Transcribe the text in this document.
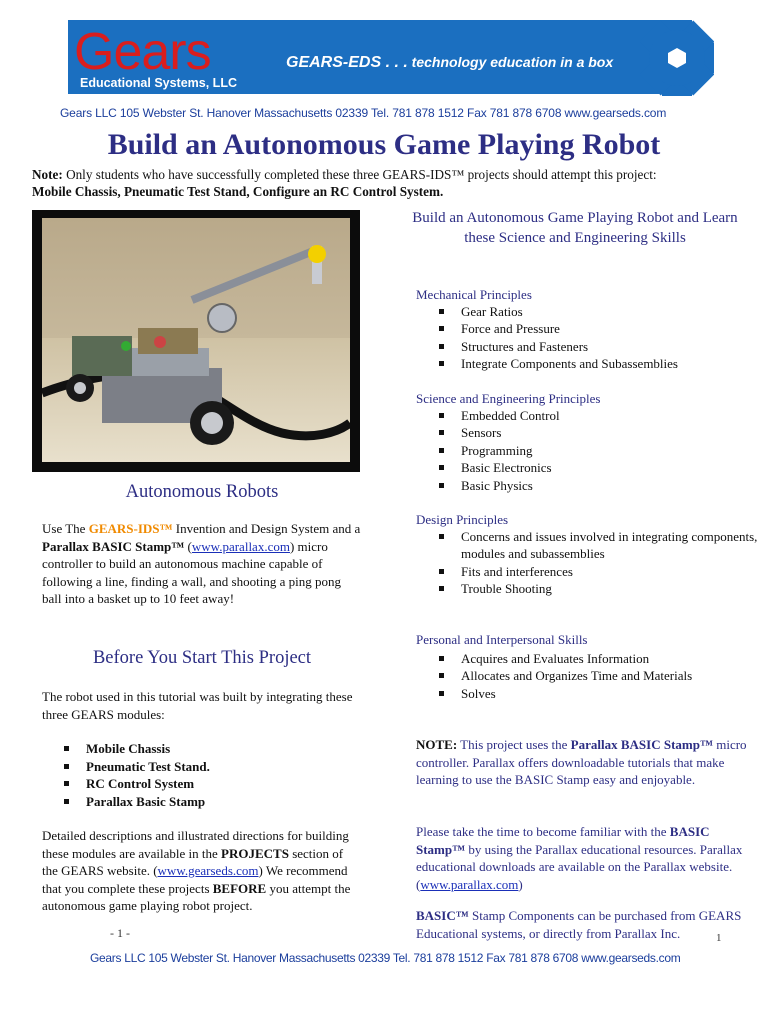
Gears
Educational Systems, LLC
GEARS-EDS . . . technology education in a box
Gears LLC 105 Webster St. Hanover Massachusetts 02339 Tel. 781 878 1512 Fax 781 878 6708 www.gearseds.com
Build an Autonomous Game Playing Robot
Note: Only students who have successfully completed these three GEARS-IDS™ projects should attempt this project:
Mobile Chassis, Pneumatic Test Stand, Configure an RC Control System.
Autonomous Robots
Use The GEARS-IDS™ Invention and Design System and a Parallax BASIC Stamp™ (www.parallax.com) micro controller to build an autonomous machine capable of following a line, finding a wall, and shooting a ping pong ball into a basket up to 10 feet away!
Before You Start This Project
The robot used in this tutorial was built by integrating these three GEARS modules:
Mobile Chassis
Pneumatic Test Stand.
RC Control System
Parallax Basic Stamp
Detailed descriptions and illustrated directions for building these modules are available in the PROJECTS section of the GEARS website. (www.gearseds.com) We recommend that you complete these projects BEFORE you attempt the autonomous game playing robot project.
Build an Autonomous Game Playing Robot and Learn these Science and Engineering Skills
Mechanical Principles
Gear Ratios
Force and Pressure
Structures and Fasteners
Integrate Components and Subassemblies
Science and Engineering Principles
Embedded Control
Sensors
Programming
Basic Electronics
Basic Physics
Design Principles
Concerns and issues involved in integrating components, modules and subassemblies
Fits and interferences
Trouble Shooting
Personal and Interpersonal Skills
Acquires and Evaluates Information
Allocates and Organizes Time and Materials
Solves
NOTE: This project uses the Parallax BASIC Stamp™ micro controller. Parallax offers downloadable tutorials that make learning to use the BASIC Stamp easy and enjoyable.
Please take the time to become familiar with the BASIC Stamp™ by using the Parallax educational resources. Parallax educational downloads are available on the Parallax website. (www.parallax.com)
BASIC™ Stamp Components can be purchased from GEARS Educational systems, or directly from Parallax Inc.
- 1 -	1
Gears LLC 105 Webster St. Hanover Massachusetts 02339 Tel. 781 878 1512 Fax 781 878 6708 www.gearseds.com
